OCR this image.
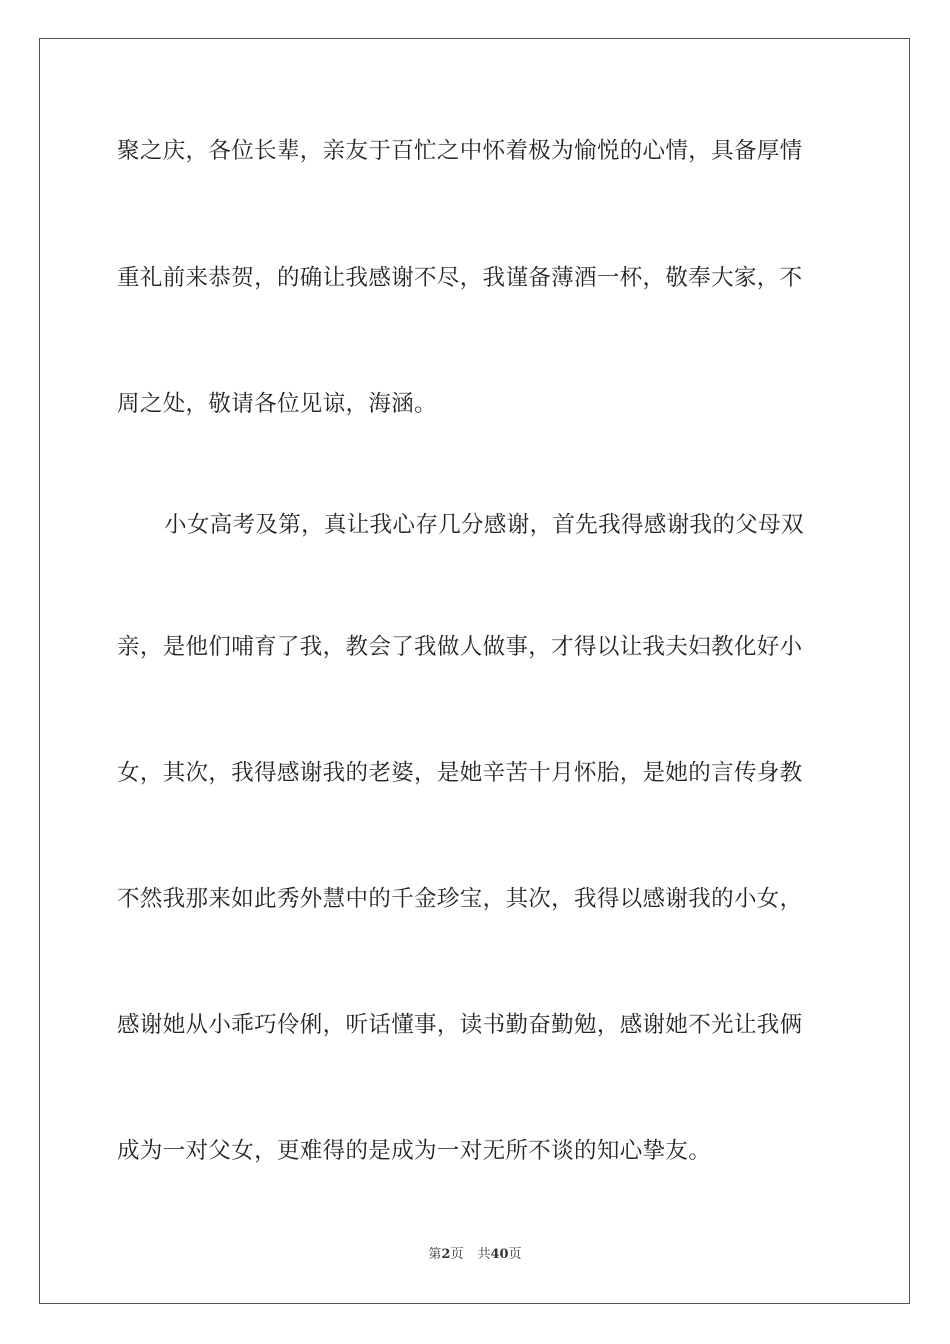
聚之庆，各位长辈，亲友于百忙之中怀着极为愉悦的心情，具备厚情
重礼前来恭贺，的确让我感谢不尽，我谨备薄酒一杯，敬奉大家，不
周之处，敬请各位见谅，海涵。
小女高考及第，真让我心存几分感谢，首先我得感谢我的父母双
亲，是他们哺育了我，教会了我做人做事，才得以让我夫妇教化好小
女，其次，我得感谢我的老婆，是她辛苦十月怀胎，是她的言传身教
不然我那来如此秀外慧中的千金珍宝，其次，我得以感谢我的小女，
感谢她从小乖巧伶俐，听话懂事，读书勤奋勤勉，感谢她不光让我俩
成为一对父女，更难得的是成为一对无所不谈的知心挚友。
第2页 共40页
